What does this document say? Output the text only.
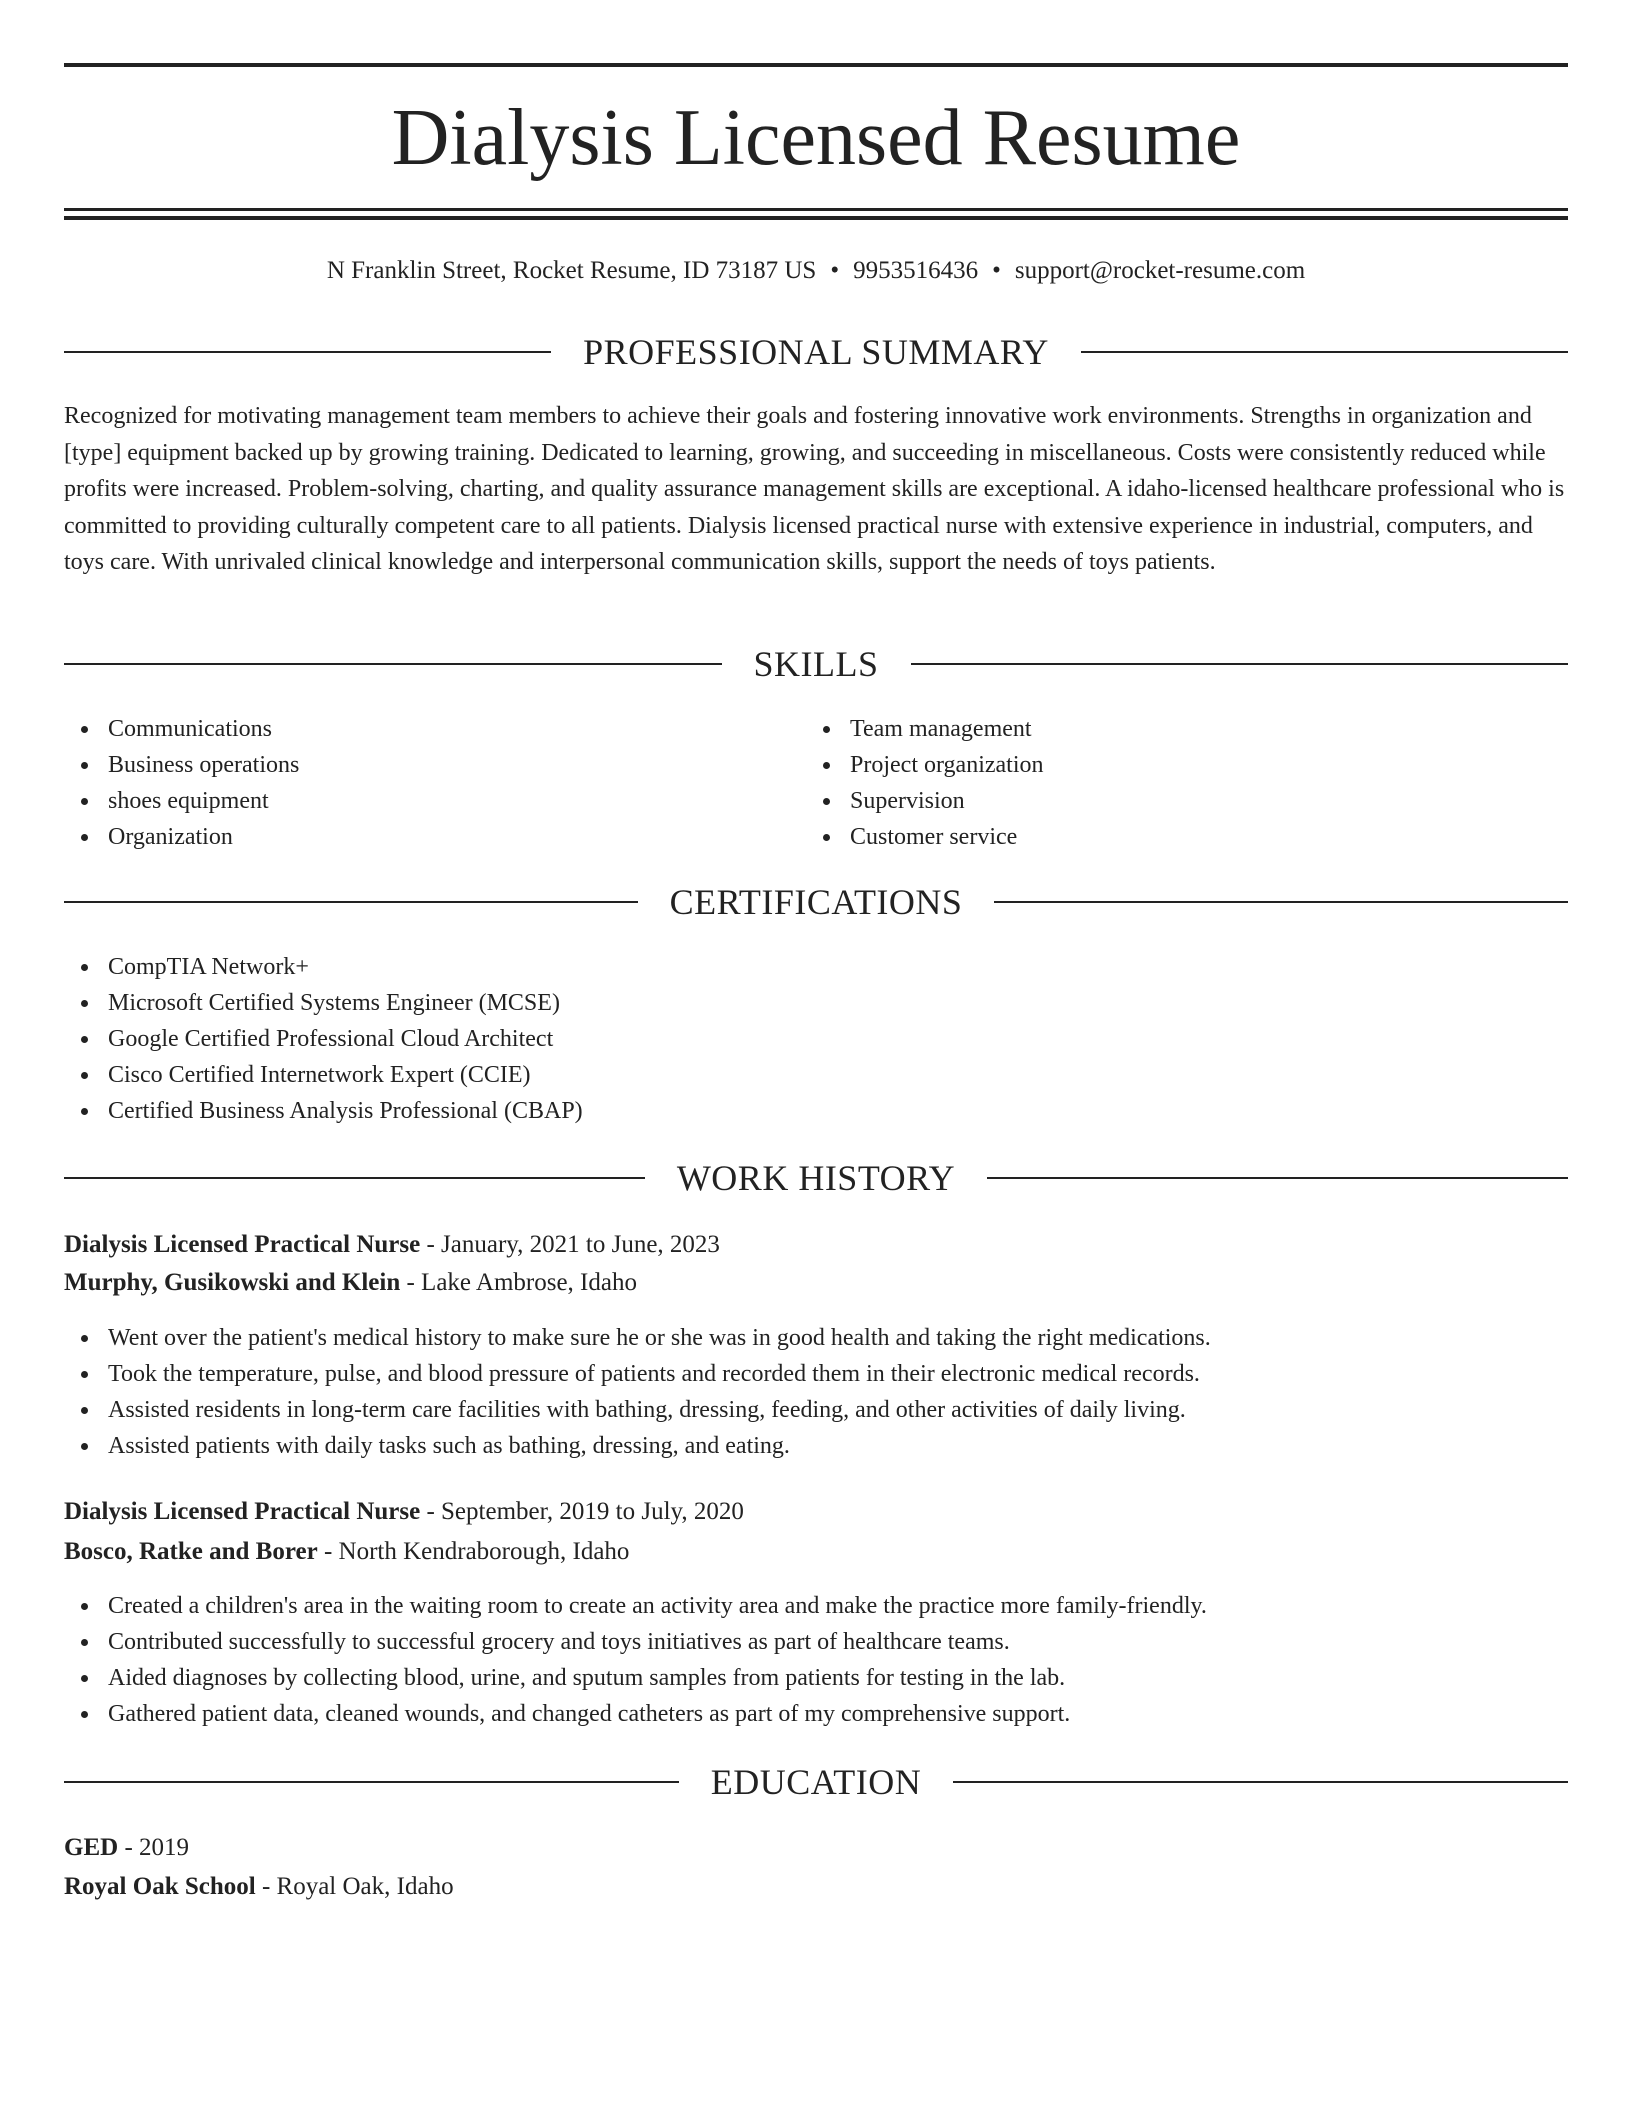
Dialysis Licensed Resume
N Franklin Street, Rocket Resume, ID 73187 US • 9953516436 • support@rocket-resume.com
PROFESSIONAL SUMMARY

Recognized for motivating management team members to achieve their goals and fostering innovative work environments. Strengths in organization and [type] equipment backed up by growing training. Dedicated to learning, growing, and succeeding in miscellaneous. Costs were consistently reduced while profits were increased. Problem-solving, charting, and quality assurance management skills are exceptional. A idaho-licensed healthcare professional who is committed to providing culturally competent care to all patients. Dialysis licensed practical nurse with extensive experience in industrial, computers, and toys care. With unrivaled clinical knowledge and interpersonal communication skills, support the needs of toys patients.

SKILLS
Communications
Business operations
shoes equipment
Organization
Team management
Project organization
Supervision
Customer service
CERTIFICATIONS
CompTIA Network+
Microsoft Certified Systems Engineer (MCSE)
Google Certified Professional Cloud Architect
Cisco Certified Internetwork Expert (CCIE)
Certified Business Analysis Professional (CBAP)
WORK HISTORY
Dialysis Licensed Practical Nurse - January, 2021 to June, 2023
Murphy, Gusikowski and Klein - Lake Ambrose, Idaho
Went over the patient's medical history to make sure he or she was in good health and taking the right medications.
Took the temperature, pulse, and blood pressure of patients and recorded them in their electronic medical records.
Assisted residents in long-term care facilities with bathing, dressing, feeding, and other activities of daily living.
Assisted patients with daily tasks such as bathing, dressing, and eating.
Dialysis Licensed Practical Nurse - September, 2019 to July, 2020
Bosco, Ratke and Borer - North Kendraborough, Idaho
Created a children's area in the waiting room to create an activity area and make the practice more family-friendly.
Contributed successfully to successful grocery and toys initiatives as part of healthcare teams.
Aided diagnoses by collecting blood, urine, and sputum samples from patients for testing in the lab.
Gathered patient data, cleaned wounds, and changed catheters as part of my comprehensive support.
EDUCATION
GED - 2019
Royal Oak School - Royal Oak, Idaho
